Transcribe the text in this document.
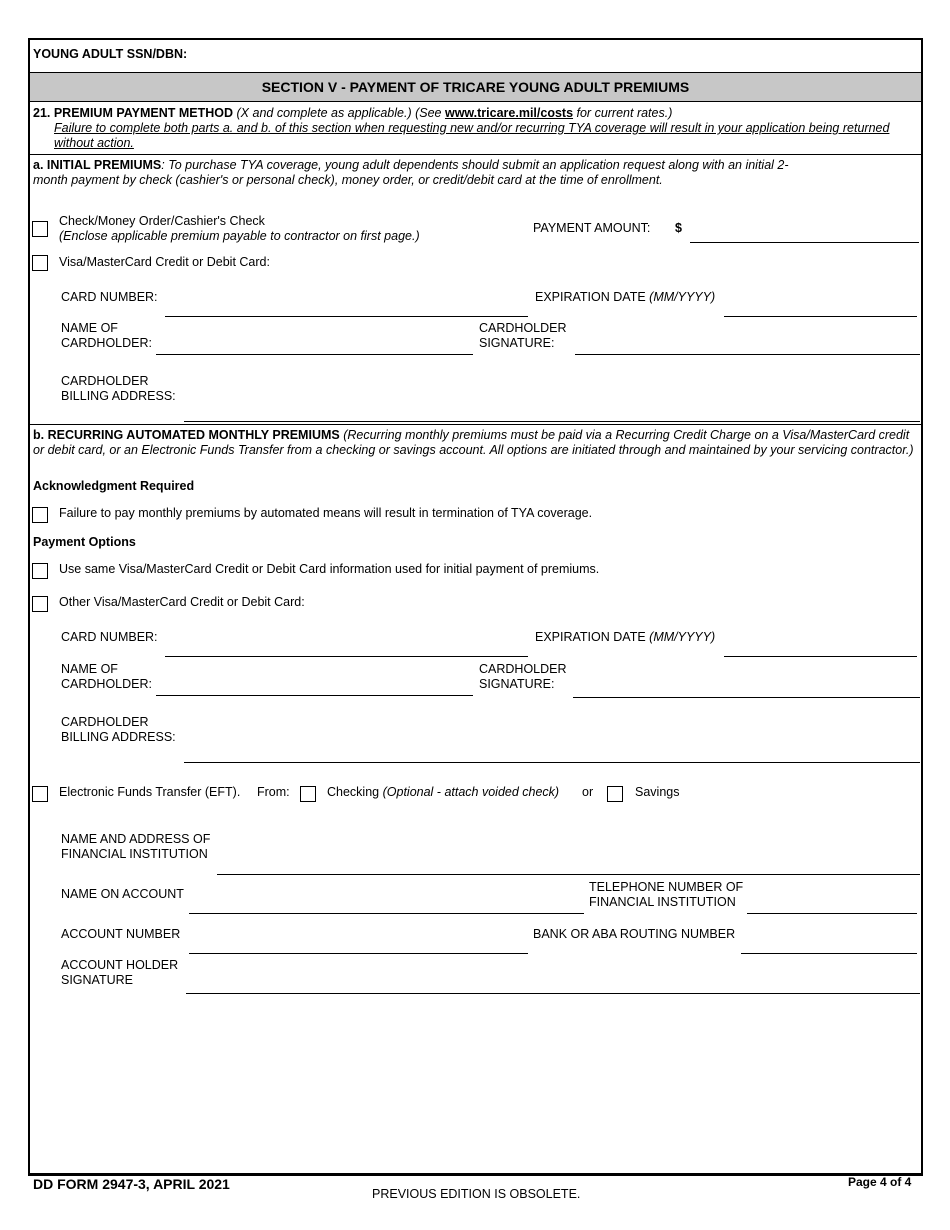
YOUNG ADULT SSN/DBN:
SECTION V - PAYMENT OF TRICARE YOUNG ADULT PREMIUMS
21. PREMIUM PAYMENT METHOD (X and complete as applicable.) (See www.tricare.mil/costs for current rates.)
Failure to complete both parts a. and b. of this section when requesting new and/or recurring TYA coverage will result in your application being returned
without action.
a. INITIAL PREMIUMS: To purchase TYA coverage, young adult dependents should submit an application request along with an initial 2-
month payment by check (cashier's or personal check), money order, or credit/debit card at the time of enrollment.
Check/Money Order/Cashier's Check
(Enclose applicable premium payable to contractor on first page.)
PAYMENT AMOUNT: $
Visa/MasterCard Credit or Debit Card:
CARD NUMBER:	EXPIRATION DATE (MM/YYYY)
NAME OF
CARDHOLDER:
CARDHOLDER
SIGNATURE:
CARDHOLDER
BILLING ADDRESS:
b. RECURRING AUTOMATED MONTHLY PREMIUMS (Recurring monthly premiums must be paid via a Recurring Credit Charge on a Visa/MasterCard credit
or debit card, or an Electronic Funds Transfer from a checking or savings account. All options are initiated through and maintained by your servicing contractor.)
Acknowledgment Required
Failure to pay monthly premiums by automated means will result in termination of TYA coverage.
Payment Options
Use same Visa/MasterCard Credit or Debit Card information used for initial payment of premiums.
Other Visa/MasterCard Credit or Debit Card:
CARD NUMBER:	EXPIRATION DATE (MM/YYYY)
NAME OF
CARDHOLDER:
CARDHOLDER
SIGNATURE:
CARDHOLDER
BILLING ADDRESS:
Electronic Funds Transfer (EFT). From:	Checking (Optional - attach voided check) or	Savings
NAME AND ADDRESS OF
FINANCIAL INSTITUTION
NAME ON ACCOUNT	TELEPHONE NUMBER OF
FINANCIAL INSTITUTION
ACCOUNT NUMBER	BANK OR ABA ROUTING NUMBER
ACCOUNT HOLDER
SIGNATURE
DD FORM 2947-3, APRIL 2021
PREVIOUS EDITION IS OBSOLETE.
Page 4 of 4
